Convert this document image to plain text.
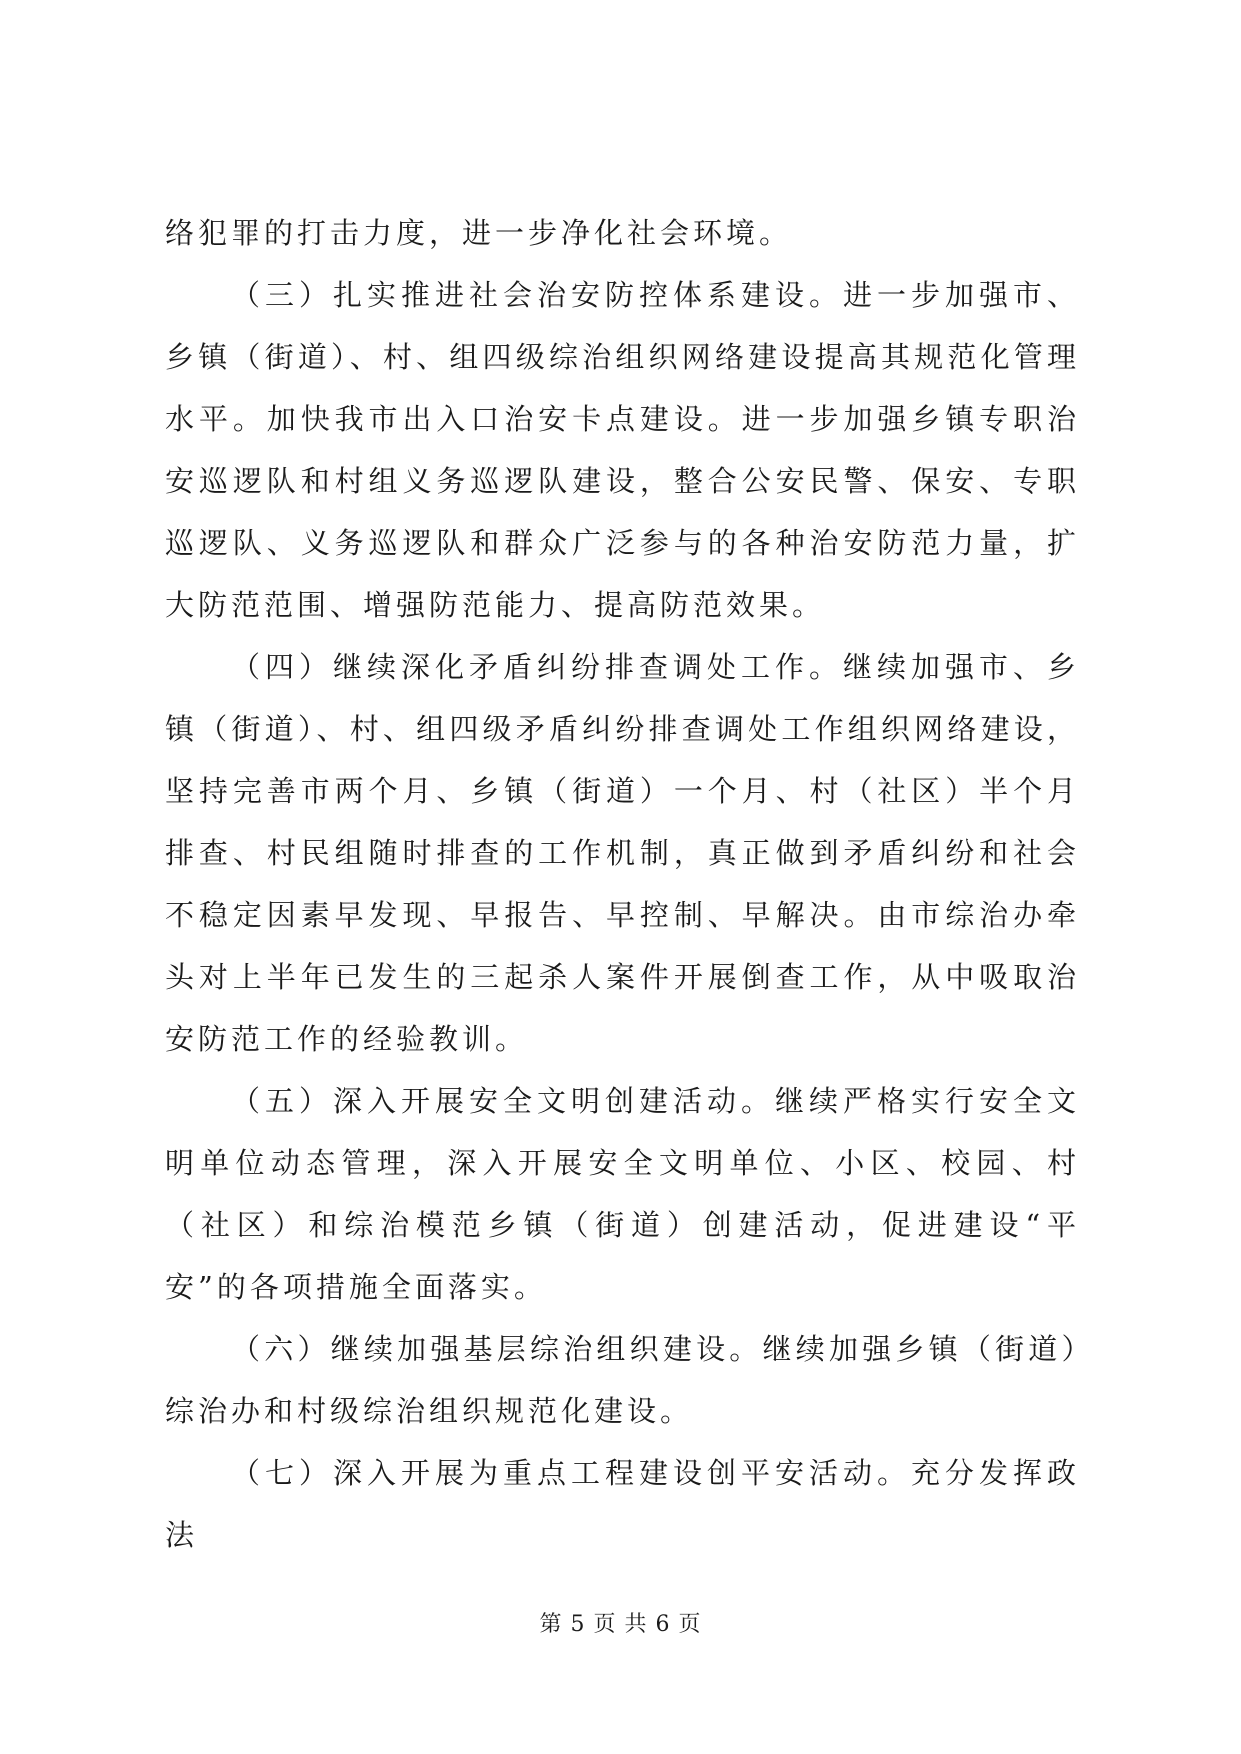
络犯罪的打击力度，进一步净化社会环境。

（三）扎实推进社会治安防控体系建设。进一步加强市、乡镇（街道）、村、组四级综治组织网络建设提高其规范化管理水平。加快我市出入口治安卡点建设。进一步加强乡镇专职治安巡逻队和村组义务巡逻队建设，整合公安民警、保安、专职巡逻队、义务巡逻队和群众广泛参与的各种治安防范力量，扩大防范范围、增强防范能力、提高防范效果。

（四）继续深化矛盾纠纷排查调处工作。继续加强市、乡镇（街道）、村、组四级矛盾纠纷排查调处工作组织网络建设，坚持完善市两个月、乡镇（街道）一个月、村（社区）半个月排查、村民组随时排查的工作机制，真正做到矛盾纠纷和社会不稳定因素早发现、早报告、早控制、早解决。由市综治办牵头对上半年已发生的三起杀人案件开展倒查工作，从中吸取治安防范工作的经验教训。

（五）深入开展安全文明创建活动。继续严格实行安全文明单位动态管理，深入开展安全文明单位、小区、校园、村（社区）和综治模范乡镇（街道）创建活动，促进建设“平安”的各项措施全面落实。

（六）继续加强基层综治组织建设。继续加强乡镇（街道）综治办和村级综治组织规范化建设。

（七）深入开展为重点工程建设创平安活动。充分发挥政法

第 5 页 共 6 页
